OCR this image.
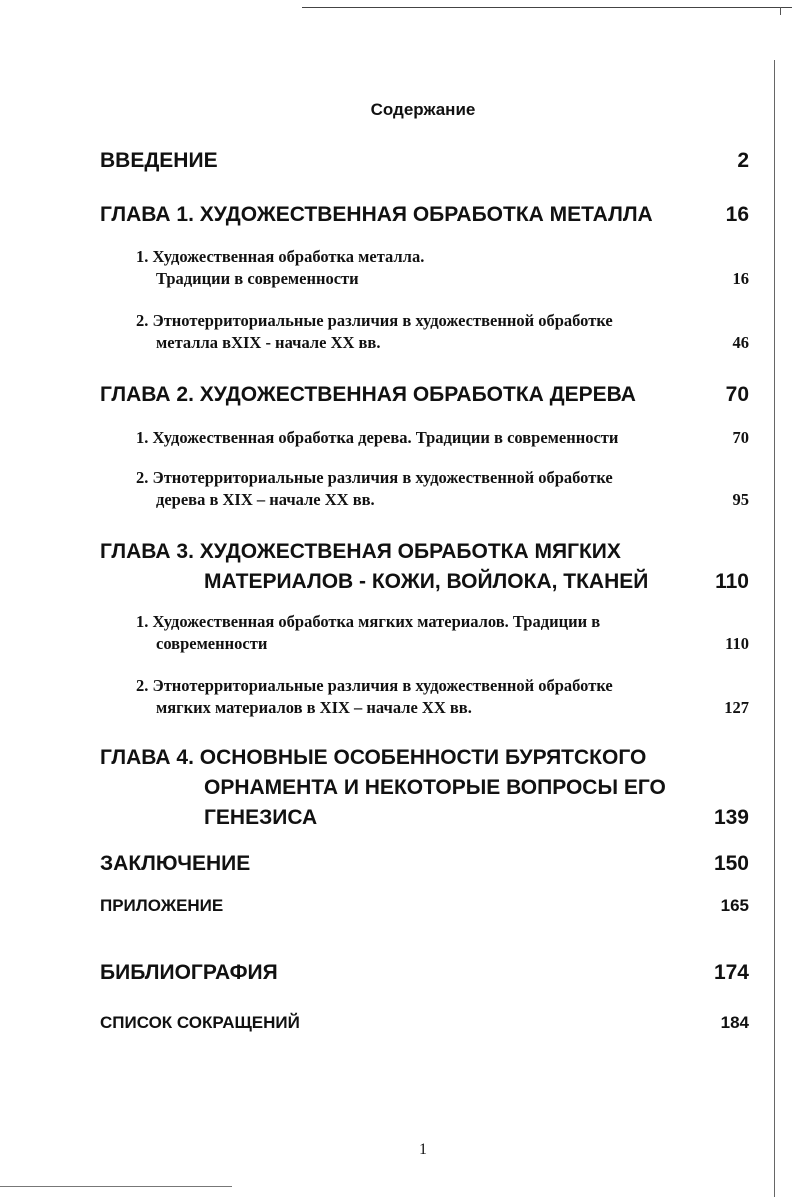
Содержание
ВВЕДЕНИЕ	2
ГЛАВА 1. ХУДОЖЕСТВЕННАЯ ОБРАБОТКА МЕТАЛЛА	16
1. Художественная обработка металла.
Традиции в современности	16
2. Этнотерриториальные различия в художественной обработке
металла вXIX - начале XX вв.	46
ГЛАВА 2. ХУДОЖЕСТВЕННАЯ ОБРАБОТКА ДЕРЕВА	70
1. Художественная обработка дерева. Традиции в современности	70
2. Этнотерриториальные различия в художественной обработке
дерева в XIX – начале XX вв.	95
ГЛАВА 3. ХУДОЖЕСТВЕНАЯ ОБРАБОТКА МЯГКИХ
МАТЕРИАЛОВ - КОЖИ, ВОЙЛОКА, ТКАНЕЙ	110
1. Художественная обработка мягких материалов. Традиции в
современности	110
2. Этнотерриториальные различия в художественной обработке
мягких материалов в XIX – начале XX вв.	127
ГЛАВА 4. ОСНОВНЫЕ ОСОБЕННОСТИ БУРЯТСКОГО
ОРНАМЕНТА И НЕКОТОРЫЕ ВОПРОСЫ ЕГО
ГЕНЕЗИСА	139
ЗАКЛЮЧЕНИЕ	150
ПРИЛОЖЕНИЕ	165
БИБЛИОГРАФИЯ	174
СПИСОК СОКРАЩЕНИЙ	184
1
